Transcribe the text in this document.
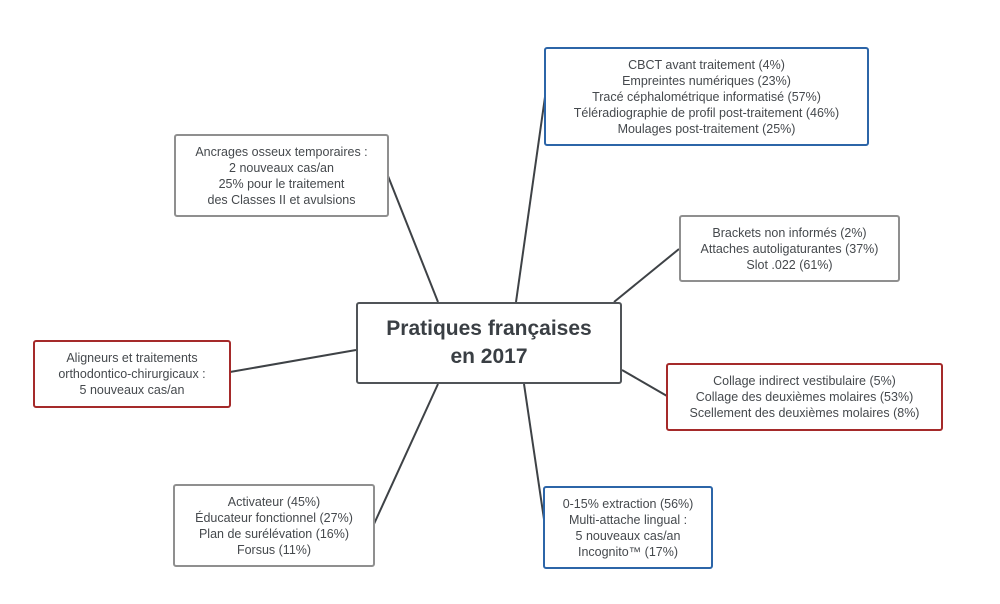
Pratiques françaises
en 2017
CBCT avant traitement (4%)
Empreintes numériques (23%)
Tracé céphalométrique informatisé (57%)
Téléradiographie de profil post-traitement (46%)
Moulages post-traitement (25%)
Ancrages osseux temporaires :
2 nouveaux cas/an
25% pour le traitement
des Classes II et avulsions
Brackets non informés (2%)
Attaches autoligaturantes (37%)
Slot .022 (61%)
Aligneurs et traitements
orthodontico-chirurgicaux :
5 nouveaux cas/an
Collage indirect vestibulaire (5%)
Collage des deuxièmes molaires (53%)
Scellement des deuxièmes molaires (8%)
Activateur (45%)
Éducateur fonctionnel (27%)
Plan de surélévation (16%)
Forsus (11%)
0-15% extraction (56%)
Multi-attache lingual :
5 nouveaux cas/an
Incognito™ (17%)
